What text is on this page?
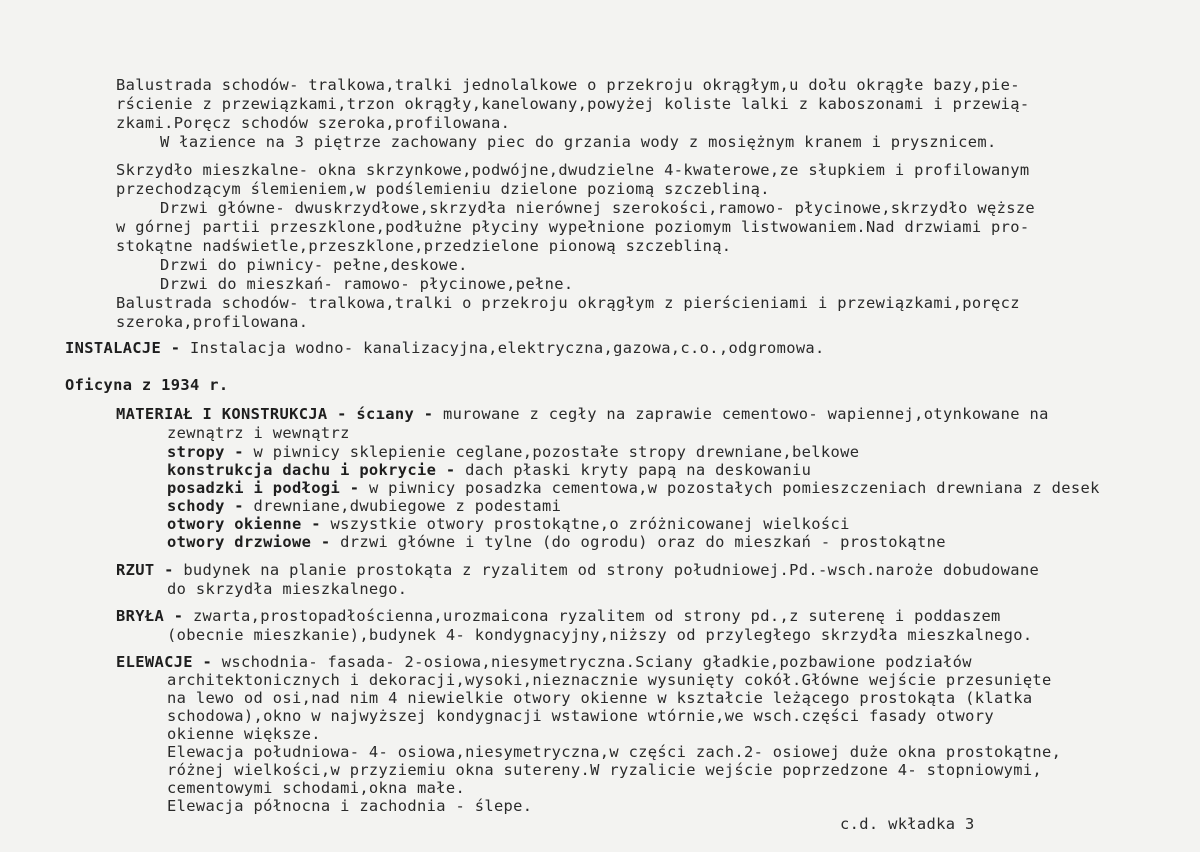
Balustrada schodów- tralkowa,tralki jednolalkowe o przekroju okrągłym,u dołu okrągłe bazy,pie-
rścienie z przewiązkami,trzon okrągły,kanelowany,powyżej koliste lalki z kaboszonami i przewią-
zkami.Poręcz schodów szeroka,profilowana.
W łazience na 3 piętrze zachowany piec do grzania wody z mosiężnym kranem i prysznicem.
Skrzydło mieszkalne- okna skrzynkowe,podwójne,dwudzielne 4-kwaterowe,ze słupkiem i profilowanym
przechodzącym ślemieniem,w podślemieniu dzielone poziomą szczebliną.
Drzwi główne- dwuskrzydłowe,skrzydła nierównej szerokości,ramowo- płycinowe,skrzydło węższe
w górnej partii przeszklone,podłużne płyciny wypełnione poziomym listwowaniem.Nad drzwiami pro-
stokątne nadświetle,przeszklone,przedzielone pionową szczebliną.
Drzwi do piwnicy- pełne,deskowe.
Drzwi do mieszkań- ramowo- płycinowe,pełne.
Balustrada schodów- tralkowa,tralki o przekroju okrągłym z pierścieniami i przewiązkami,poręcz
szeroka,profilowana.
INSTALACJE - Instalacja wodno- kanalizacyjna,elektryczna,gazowa,c.o.,odgromowa.
Oficyna z 1934 r.
MATERIAŁ I KONSTRUKCJA - ścıany - murowane z cegły na zaprawie cementowo- wapiennej,otynkowane na
zewnątrz i wewnątrz
stropy - w piwnicy sklepienie ceglane,pozostałe stropy drewniane,belkowe
konstrukcja dachu i pokrycie - dach płaski kryty papą na deskowaniu
posadzki i podłogi - w piwnicy posadzka cementowa,w pozostałych pomieszczeniach drewniana z desek
schody - drewniane,dwubiegowe z podestami
otwory okienne - wszystkie otwory prostokątne,o zróżnicowanej wielkości
otwory drzwiowe - drzwi główne i tylne (do ogrodu) oraz do mieszkań - prostokątne
RZUT - budynek na planie prostokąta z ryzalitem od strony południowej.Pd.-wsch.naroże dobudowane
do skrzydła mieszkalnego.
BRYŁA - zwarta,prostopadłościenna,urozmaicona ryzalitem od strony pd.,z suterenę i poddaszem
(obecnie mieszkanie),budynek 4- kondygnacyjny,niższy od przyległego skrzydła mieszkalnego.
ELEWACJE - wschodnia- fasada- 2-osiowa,niesymetryczna.Sciany gładkie,pozbawione podziałów
architektonicznych i dekoracji,wysoki,nieznacznie wysunięty cokół.Główne wejście przesunięte
na lewo od osi,nad nim 4 niewielkie otwory okienne w kształcie leżącego prostokąta (klatka
schodowa),okno w najwyższej kondygnacji wstawione wtórnie,we wsch.części fasady otwory
okienne większe.
Elewacja południowa- 4- osiowa,niesymetryczna,w części zach.2- osiowej duże okna prostokątne,
różnej wielkości,w przyziemiu okna sutereny.W ryzalicie wejście poprzedzone 4- stopniowymi,
cementowymi schodami,okna małe.
Elewacja północna i zachodnia - ślepe.
c.d. wkładka 3
